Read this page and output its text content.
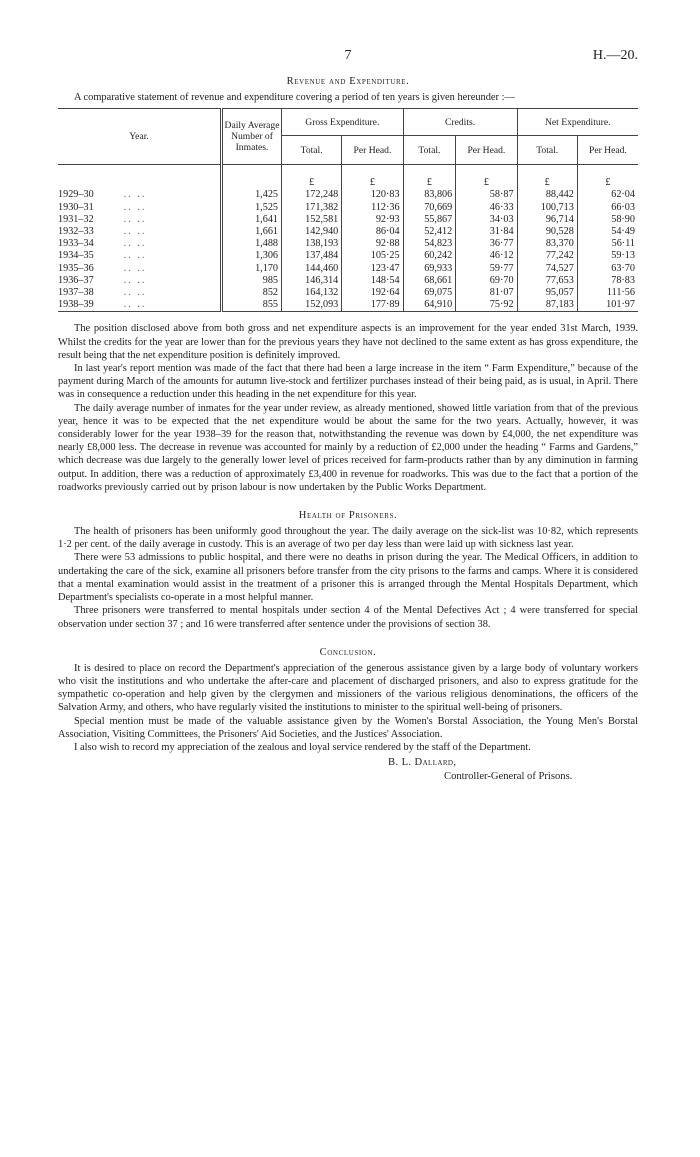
7	H.—20.
Revenue and Expenditure.

A comparative statement of revenue and expenditure covering a period of ten years is given hereunder :—

Year.	Daily Average Number of Inmates.	Gross Expenditure.		Credits.		Net Expenditure.	
		Total.	Per Head.	Total.	Per Head.	Total.	Per Head.
		£	£	£	£	£	£
1929–30 .. ..	1,425	172,248	120·83	83,806	58·87	88,442	62·04
1930–31 .. ..	1,525	171,382	112·36	70,669	46·33	100,713	66·03
1931–32 .. ..	1,641	152,581	92·93	55,867	34·03	96,714	58·90
1932–33 .. ..	1,661	142,940	86·04	52,412	31·84	90,528	54·49
1933–34 .. ..	1,488	138,193	92·88	54,823	36·77	83,370	56·11
1934–35 .. ..	1,306	137,484	105·25	60,242	46·12	77,242	59·13
1935–36 .. ..	1,170	144,460	123·47	69,933	59·77	74,527	63·70
1936–37 .. ..	985	146,314	148·54	68,661	69·70	77,653	78·83
1937–38 .. ..	852	164,132	192·64	69,075	81·07	95,057	111·56
1938–39 .. ..	855	152,093	177·89	64,910	75·92	87,183	101·97

The position disclosed above from both gross and net expenditure aspects is an improvement for the year ended 31st March, 1939. Whilst the credits for the year are lower than for the previous years they have not declined to the same extent as has gross expenditure, the result being that the net expenditure position is definitely improved.

In last year's report mention was made of the fact that there had been a large increase in the item “ Farm Expenditure,” because of the payment during March of the amounts for autumn live-stock and fertilizer purchases instead of their being paid, as is usual, in April. There was in consequence a reduction under this heading in the net expenditure for this year.

The daily average number of inmates for the year under review, as already mentioned, showed little variation from that of the previous year, hence it was to be expected that the net expenditure would be about the same for the two years. Actually, however, it was considerably lower for the year 1938–39 for the reason that, notwithstanding the revenue was down by £4,000, the net expenditure was nearly £8,000 less. The decrease in revenue was accounted for mainly by a reduction of £2,000 under the heading “ Farms and Gardens,” which decrease was due largely to the generally lower level of prices received for farm-products rather than by any diminution in farming output. In addition, there was a reduction of approximately £3,400 in revenue for roadworks. This was due to the fact that a portion of the roadworks previously carried out by prison labour is now undertaken by the Public Works Department.

Health of Prisoners.

The health of prisoners has been uniformly good throughout the year. The daily average on the sick-list was 10·82, which represents 1·2 per cent. of the daily average in custody. This is an average of two per day less than were laid up with sickness last year.

There were 53 admissions to public hospital, and there were no deaths in prison during the year. The Medical Officers, in addition to undertaking the care of the sick, examine all prisoners before transfer from the city prisons to the farms and camps. Where it is considered that a mental examination would assist in the treatment of a prisoner this is arranged through the Mental Hospitals Department, which Department's specialists co-operate in a most helpful manner.

Three prisoners were transferred to mental hospitals under section 4 of the Mental Defectives Act ; 4 were transferred for special observation under section 37 ; and 16 were transferred after sentence under the provisions of section 38.

Conclusion.

It is desired to place on record the Department's appreciation of the generous assistance given by a large body of voluntary workers who visit the institutions and who undertake the after-care and placement of discharged prisoners, and also to express gratitude for the sympathetic co-operation and help given by the clergymen and missioners of the various religious denominations, the officers of the Salvation Army, and others, who have regularly visited the institutions to minister to the spiritual well-being of prisoners.

Special mention must be made of the valuable assistance given by the Women's Borstal Association, the Young Men's Borstal Association, Visiting Committees, the Prisoners' Aid Societies, and the Justices' Association.

I also wish to record my appreciation of the zealous and loyal service rendered by the staff of the Department.

B. L. Dallard,
Controller-General of Prisons.
